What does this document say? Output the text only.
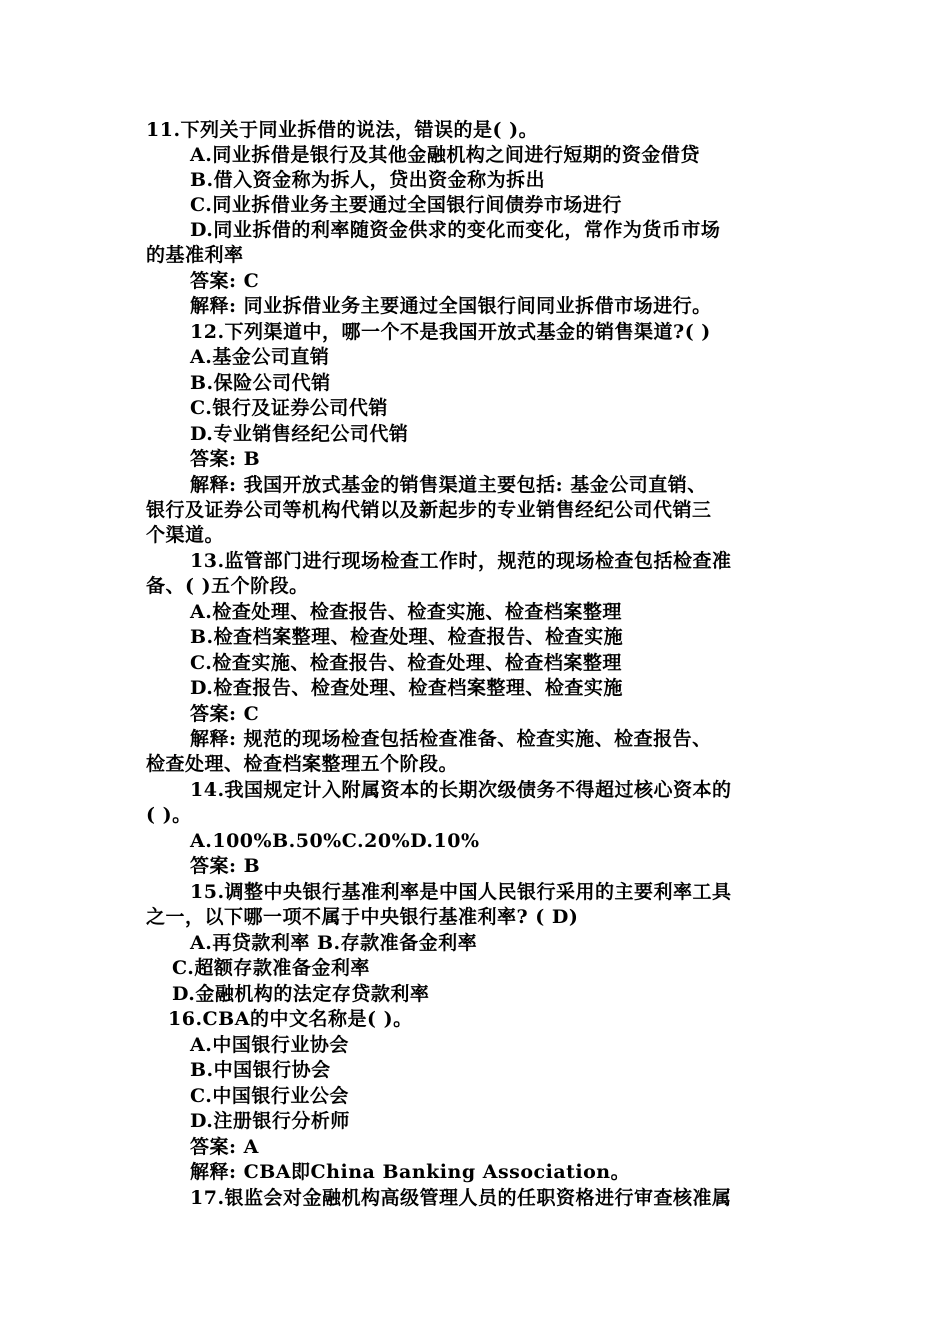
11.下列关于同业拆借的说法，错误的是( )。
A.同业拆借是银行及其他金融机构之间进行短期的资金借贷
B.借入资金称为拆人，贷出资金称为拆出
C.同业拆借业务主要通过全国银行间债券市场进行
D.同业拆借的利率随资金供求的变化而变化，常作为货币市场
的基准利率
答案: C
解释: 同业拆借业务主要通过全国银行间同业拆借市场进行。
12.下列渠道中，哪一个不是我国开放式基金的销售渠道?( )
A.基金公司直销
B.保险公司代销
C.银行及证券公司代销
D.专业销售经纪公司代销
答案: B
解释: 我国开放式基金的销售渠道主要包括: 基金公司直销、
银行及证券公司等机构代销以及新起步的专业销售经纪公司代销三
个渠道。
13.监管部门进行现场检查工作时，规范的现场检查包括检查准
备、( )五个阶段。
A.检查处理、检查报告、检查实施、检查档案整理
B.检查档案整理、检查处理、检查报告、检查实施
C.检查实施、检查报告、检查处理、检查档案整理
D.检查报告、检查处理、检查档案整理、检查实施
答案: C
解释: 规范的现场检查包括检查准备、检查实施、检查报告、
检查处理、检查档案整理五个阶段。
14.我国规定计入附属资本的长期次级债务不得超过核心资本的
( )。
A.100%B.50%C.20%D.10%
答案: B
15.调整中央银行基准利率是中国人民银行采用的主要利率工具
之一，以下哪一项不属于中央银行基准利率? ( D)
A.再贷款利率 B.存款准备金利率
C.超额存款准备金利率
D.金融机构的法定存贷款利率
16.CBA的中文名称是( )。
A.中国银行业协会
B.中国银行协会
C.中国银行业公会
D.注册银行分析师
答案: A
解释: CBA即China Banking Association。
17.银监会对金融机构高级管理人员的任职资格进行审查核准属
